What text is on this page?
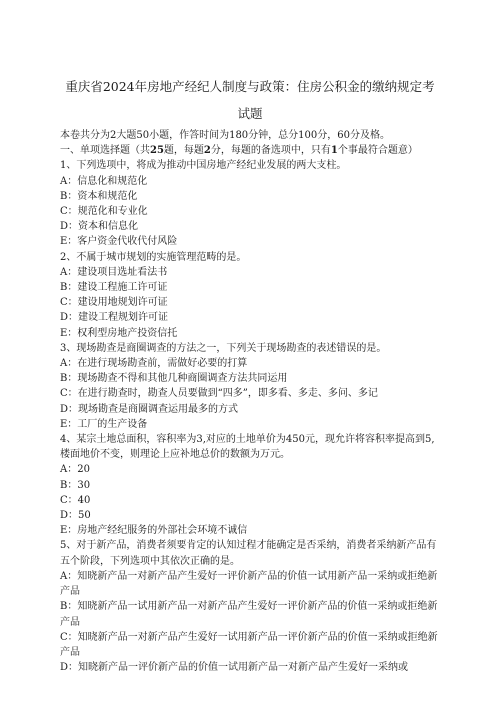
重庆省2024年房地产经纪人制度与政策：住房公积金的缴纳规定考
试题
本卷共分为2大题50小题，作答时间为180分钟，总分100分，60分及格。
一、单项选择题（共25题，每题2分，每题的备选项中，只有1个事最符合题意）
1、下列选项中，将成为推动中国房地产经纪业发展的两大支柱。
A：信息化和规范化
B：资本和规范化
C：规范化和专业化
D：资本和信息化
E：客户资金代收代付风险
2、不属于城市规划的实施管理范畴的是。
A：建设项目选址看法书
B：建设工程施工许可证
C：建设用地规划许可证
D：建设工程规划许可证
E：权利型房地产投资信托
3、现场勘查是商圈调查的方法之一，下列关于现场勘查的表述错误的是。
A：在进行现场勘查前，需做好必要的打算
B：现场勘查不得和其他几种商圈调查方法共同运用
C：在进行勘查时，勘查人员要做到“四多”，即多看、多走、多问、多记
D：现场勘查是商圈调查运用最多的方式
E：工厂的生产设备
4、某宗土地总面积，容积率为3,对应的土地单价为450元，现允许将容积率提高到5,楼面地价不变，则理论上应补地总价的数额为万元。
A：20
B：30
C：40
D：50
E：房地产经纪服务的外部社会环境不诚信
5、对于新产品，消费者须要肯定的认知过程才能确定是否采纳，消费者采纳新产品有五个阶段，下列选项中其依次正确的是。
A：知晓新产品一对新产品产生爱好一评价新产品的价值一试用新产品一采纳或拒绝新产品
B：知晓新产品一试用新产品一对新产品产生爱好一评价新产品的价值一采纳或拒绝新产品
C：知晓新产品一对新产品产生爱好一试用新产品一评价新产品的价值一采纳或拒绝新产品
D：知晓新产品一评价新产品的价值一试用新产品一对新产品产生爱好一采纳或
